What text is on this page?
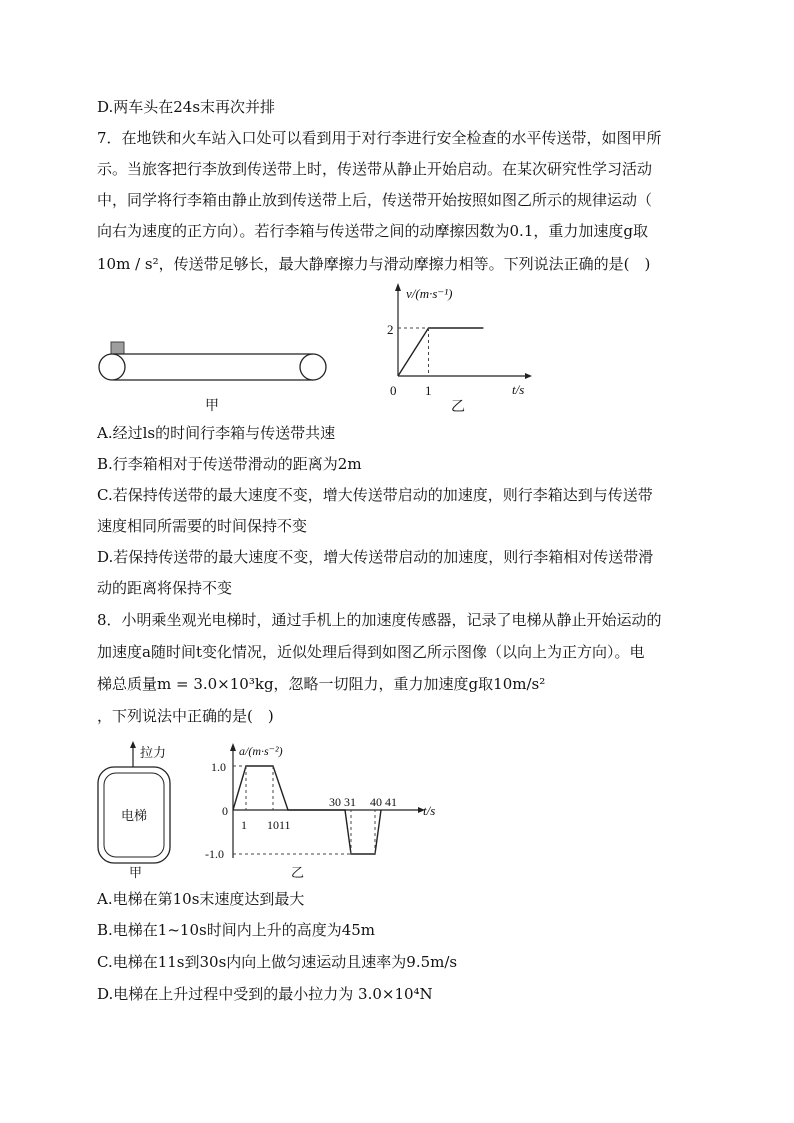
D.两车头在24s末再次并排
7．在地铁和火车站入口处可以看到用于对行李进行安全检查的水平传送带，如图甲所
示。当旅客把行李放到传送带上时，传送带从静止开始启动。在某次研究性学习活动
中，同学将行李箱由静止放到传送带上后，传送带开始按照如图乙所示的规律运动（
向右为速度的正方向）。若行李箱与传送带之间的动摩擦因数为0.1，重力加速度g取
10m / s²，传送带足够长，最大静摩擦力与滑动摩擦力相等。下列说法正确的是(　)
甲
v/(m·s⁻¹)
t/s
0
2
1
乙
A.经过ls的时间行李箱与传送带共速
B.行李箱相对于传送带滑动的距离为2m
C.若保持传送带的最大速度不变，增大传送带启动的加速度，则行李箱达到与传送带
速度相同所需要的时间保持不变
D.若保持传送带的最大速度不变，增大传送带启动的加速度，则行李箱相对传送带滑
动的距离将保持不变
8．小明乘坐观光电梯时，通过手机上的加速度传感器，记录了电梯从静止开始运动的
加速度a随时间t变化情况，近似处理后得到如图乙所示图像（以向上为正方向）。电
梯总质量m = 3.0×10³kg，忽略一切阻力，重力加速度g取10m/s²
，下列说法中正确的是(　)
拉力
电梯
甲
a/(m·s⁻²)
t/s
1.0
-1.0
0
1 1011
30 31 40 41
乙
A.电梯在第10s末速度达到最大
B.电梯在1~10s时间内上升的高度为45m
C.电梯在11s到30s内向上做匀速运动且速率为9.5m/s
D.电梯在上升过程中受到的最小拉力为 3.0×10⁴N
